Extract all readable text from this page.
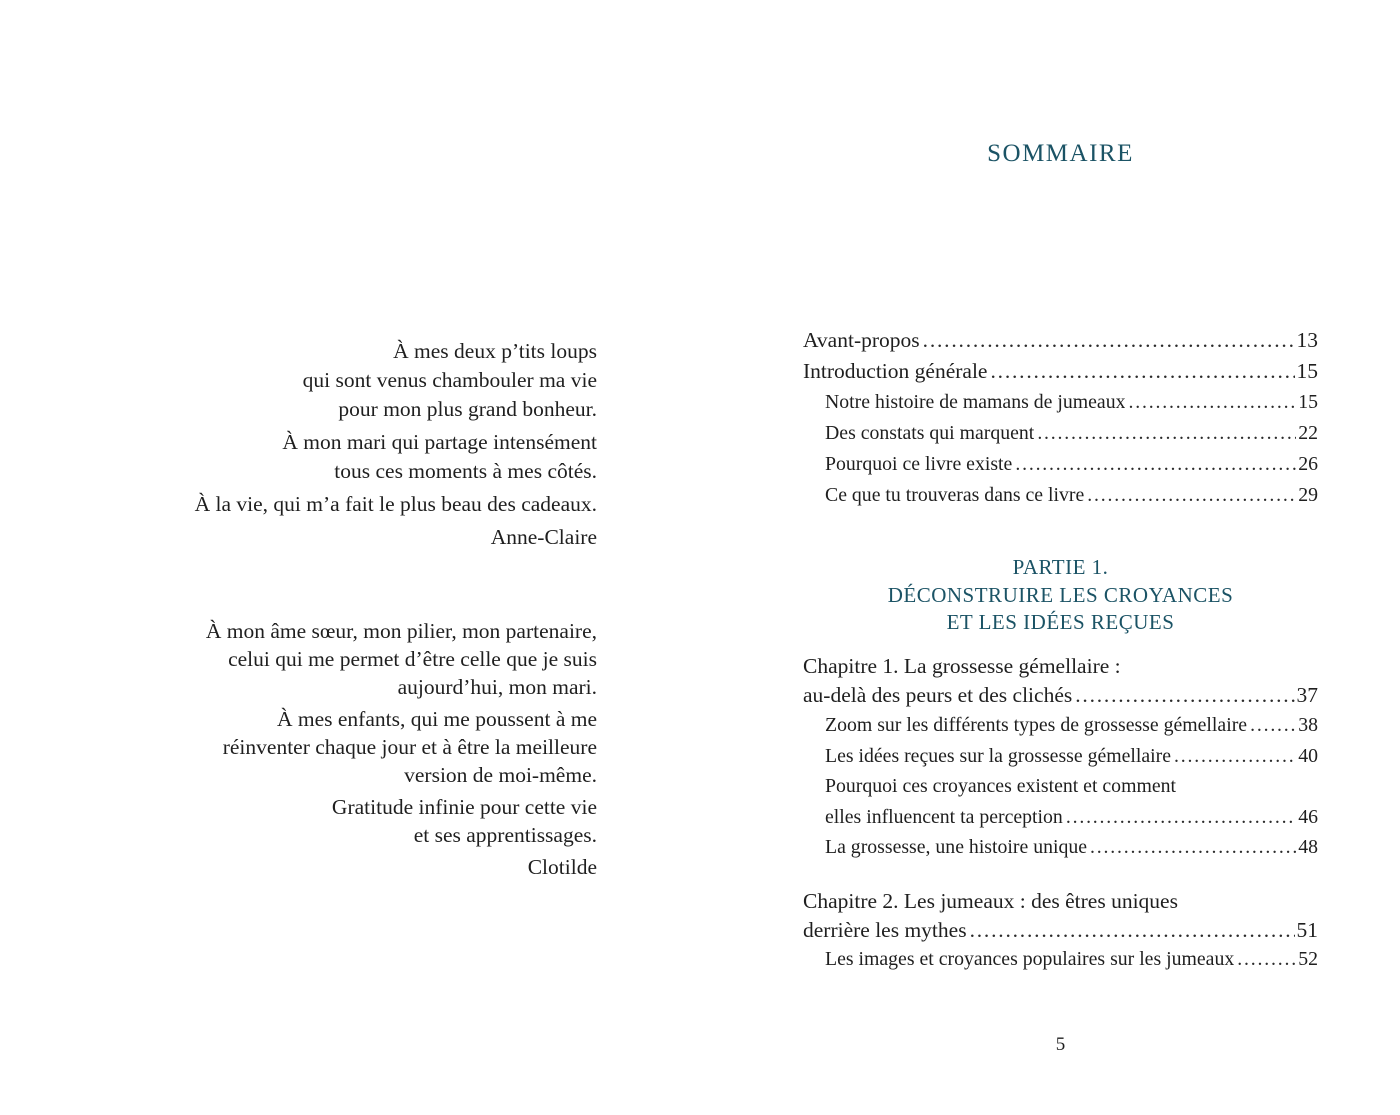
À mes deux p’tits loups
qui sont venus chambouler ma vie
pour mon plus grand bonheur.
À mon mari qui partage intensément
tous ces moments à mes côtés.
À la vie, qui m’a fait le plus beau des cadeaux.
Anne-Claire
À mon âme sœur, mon pilier, mon partenaire,
celui qui me permet d’être celle que je suis
aujourd’hui, mon mari.
À mes enfants, qui me poussent à me
réinventer chaque jour et à être la meilleure
version de moi-même.
Gratitude infinie pour cette vie
et ses apprentissages.
Clotilde
SOMMAIRE
Avant-propos .....	13
Introduction générale .....	15
Notre histoire de mamans de jumeaux .....	15
Des constats qui marquent .....	22
Pourquoi ce livre existe .....	26
Ce que tu trouveras dans ce livre .....	29
PARTIE 1.
DÉCONSTRUIRE LES CROYANCES
ET LES IDÉES REÇUES
Chapitre 1. La grossesse gémellaire :
au-delà des peurs et des clichés .....	37
Zoom sur les différents types de grossesse gémellaire .....	38
Les idées reçues sur la grossesse gémellaire .....	40
Pourquoi ces croyances existent et comment
elles influencent ta perception .....	46
La grossesse, une histoire unique .....	48
Chapitre 2. Les jumeaux : des êtres uniques
derrière les mythes .....	51
Les images et croyances populaires sur les jumeaux .....	52
5
